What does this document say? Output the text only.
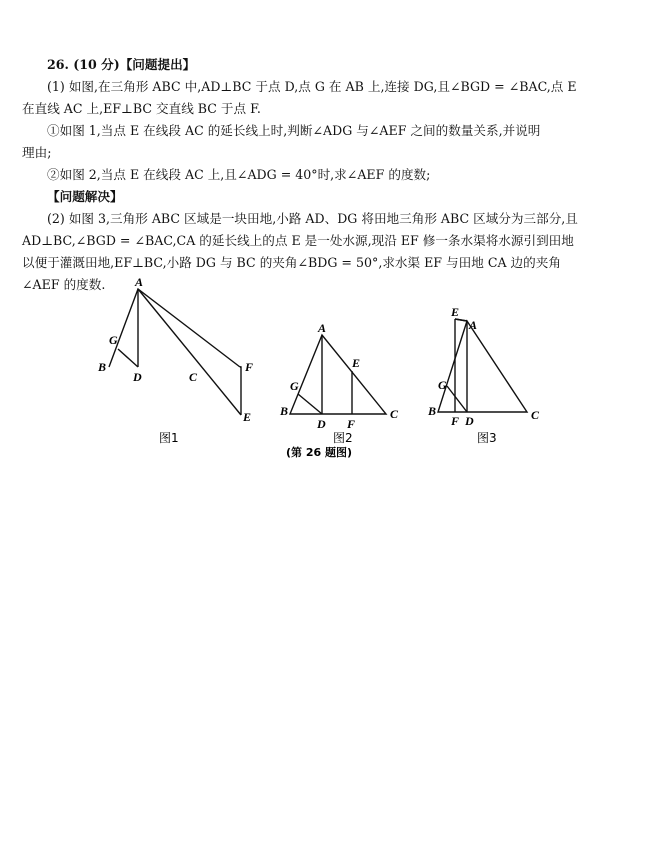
26. (10 分)【问题提出】
(1) 如图,在三角形 ABC 中,AD⊥BC 于点 D,点 G 在 AB 上,连接 DG,且∠BGD = ∠BAC,点 E
在直线 AC 上,EF⊥BC 交直线 BC 于点 F.
①如图 1,当点 E 在线段 AC 的延长线上时,判断∠ADG 与∠AEF 之间的数量关系,并说明
理由;
②如图 2,当点 E 在线段 AC 上,且∠ADG = 40°时,求∠AEF 的度数;
【问题解决】
(2) 如图 3,三角形 ABC 区域是一块田地,小路 AD、DG 将田地三角形 ABC 区域分为三部分,且
AD⊥BC,∠BGD = ∠BAC,CA 的延长线上的点 E 是一处水源,现沿 EF 修一条水渠将水源引到田地
以便于灌溉田地,EF⊥BC,小路 DG 与 BC 的夹角∠BDG = 50°,求水渠 EF 与田地 CA 边的夹角
∠AEF 的度数.	A
B
G
D	C
F
E
图1
A
E
G
B
D F
C
图2
E
A
G
B
F D	C
图3
(第 26 题图)
